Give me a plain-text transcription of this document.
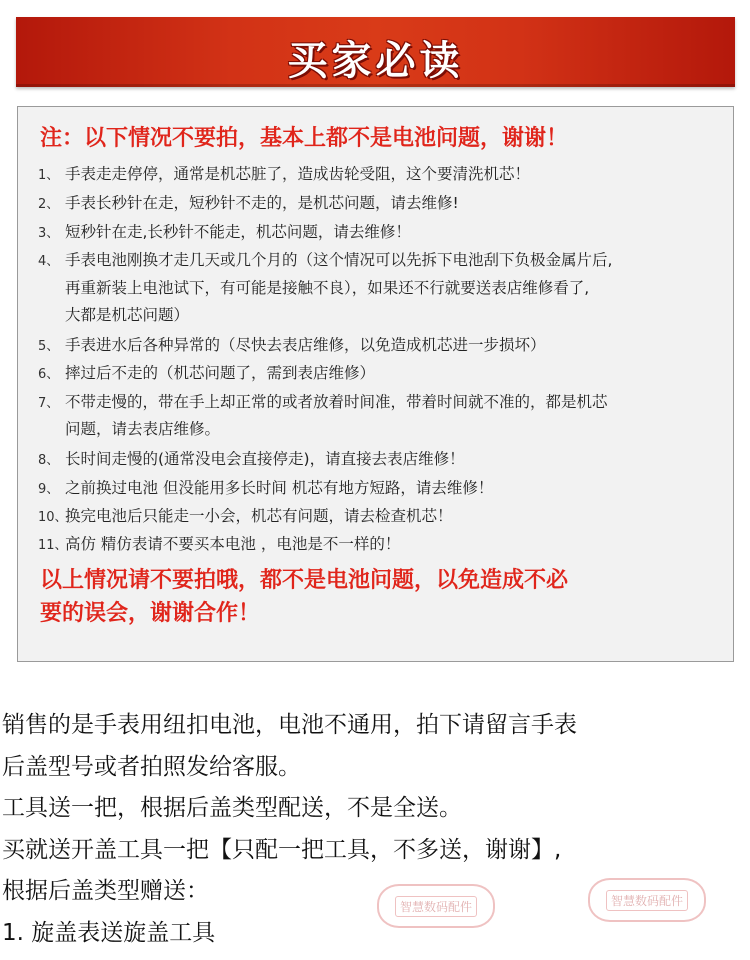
买家必读
注：以下情况不要拍，基本上都不是电池问题，谢谢！
1、 手表走走停停，通常是机芯脏了，造成齿轮受阻，这个要清洗机芯！
2、 手表长秒针在走，短秒针不走的，是机芯问题，请去维修!
3、 短秒针在走,长秒针不能走，机芯问题，请去维修！
4、 手表电池刚换才走几天或几个月的（这个情况可以先拆下电池刮下负极金属片后,
再重新装上电池试下，有可能是接触不良），如果还不行就要送表店维修看了,
大都是机芯问题）
5、 手表进水后各种异常的（尽快去表店维修，以免造成机芯进一步损坏）
6、 摔过后不走的（机芯问题了，需到表店维修）
7、 不带走慢的，带在手上却正常的或者放着时间准，带着时间就不准的，都是机芯
问题，请去表店维修。
8、 长时间走慢的(通常没电会直接停走)，请直接去表店维修！
9、 之前换过电池 但没能用多长时间 机芯有地方短路，请去维修！
10、换完电池后只能走一小会，机芯有问题，请去检查机芯！
11、高仿 精仿表请不要买本电池 ，电池是不一样的！
以上情况请不要拍哦，都不是电池问题，以免造成不必
要的误会，谢谢合作！
销售的是手表用纽扣电池，电池不通用，拍下请留言手表
后盖型号或者拍照发给客服。
工具送一把，根据后盖类型配送，不是全送。
买就送开盖工具一把【只配一把工具，不多送，谢谢】,
根据后盖类型赠送：
1. 旋盖表送旋盖工具
智慧数码配件	智慧数码配件
